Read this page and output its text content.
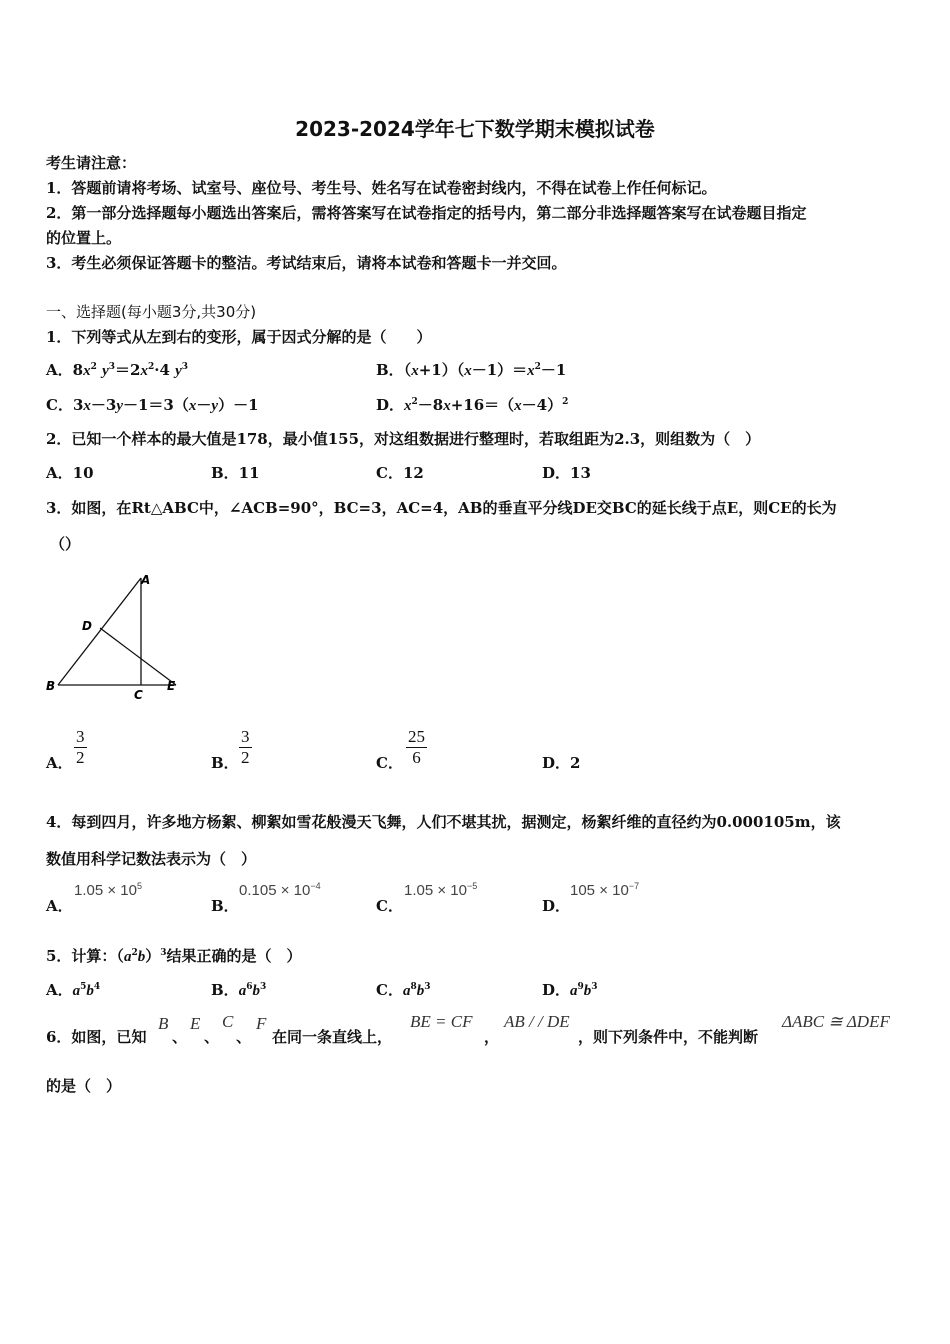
2023-2024学年七下数学期末模拟试卷
考生请注意：
1．答题前请将考场、试室号、座位号、考生号、姓名写在试卷密封线内，不得在试卷上作任何标记。
2．第一部分选择题每小题选出答案后，需将答案写在试卷指定的括号内，第二部分非选择题答案写在试卷题目指定
的位置上。
3．考生必须保证答题卡的整洁。考试结束后，请将本试卷和答题卡一并交回。
一、选择题(每小题3分,共30分)
1．下列等式从左到右的变形，属于因式分解的是（　　）
A．$8x^2$ $y^3=2x^2\cdot 4$ $y^3$	B．$(x+1)(x-1)=x^2-1$
C．3x－3y－1＝3（x－y）－1	D．$x^2-8x+16=(x-4)^2$
2．已知一个样本的最大值是178，最小值155，对这组数据进行整理时，若取组距为2.3，则组数为（　）
A．10	B．11	C．12	D．13
3．如图，在Rt△ABC中，∠ACB=90°，BC=3，AC=4，AB的垂直平分线DE交BC的延长线于点E，则CE的长为
（）
A
B
C
D
E
A． $\frac{3}{2}$	B． $\frac{3}{2}$	C． $\frac{25}{6}$	D．2
4．每到四月，许多地方杨絮、柳絮如雪花般漫天飞舞，人们不堪其扰，据测定，杨絮纤维的直径约为0.000105m，该
数值用科学记数法表示为（　）
A．
$1.05 \times 10^5$
B．
$0.105 \times 10^{-4}$
C．
$1.05 \times 10^{-5}$
D．
$105 \times 10^{-7}$
5．计算：$(a^2b)^3$结果正确的是（　）
A．$a^5b^4$	B．$a^6b^3$	C．$a^8b^3$	D．$a^9b^3$
6．如图，已知
B
、
E
、
C
、
F
在同一条直线上，
BE = CF
，
AB / / DE
，则下列条件中，不能判断
ΔABC ≅ ΔDEF
的是（　）
